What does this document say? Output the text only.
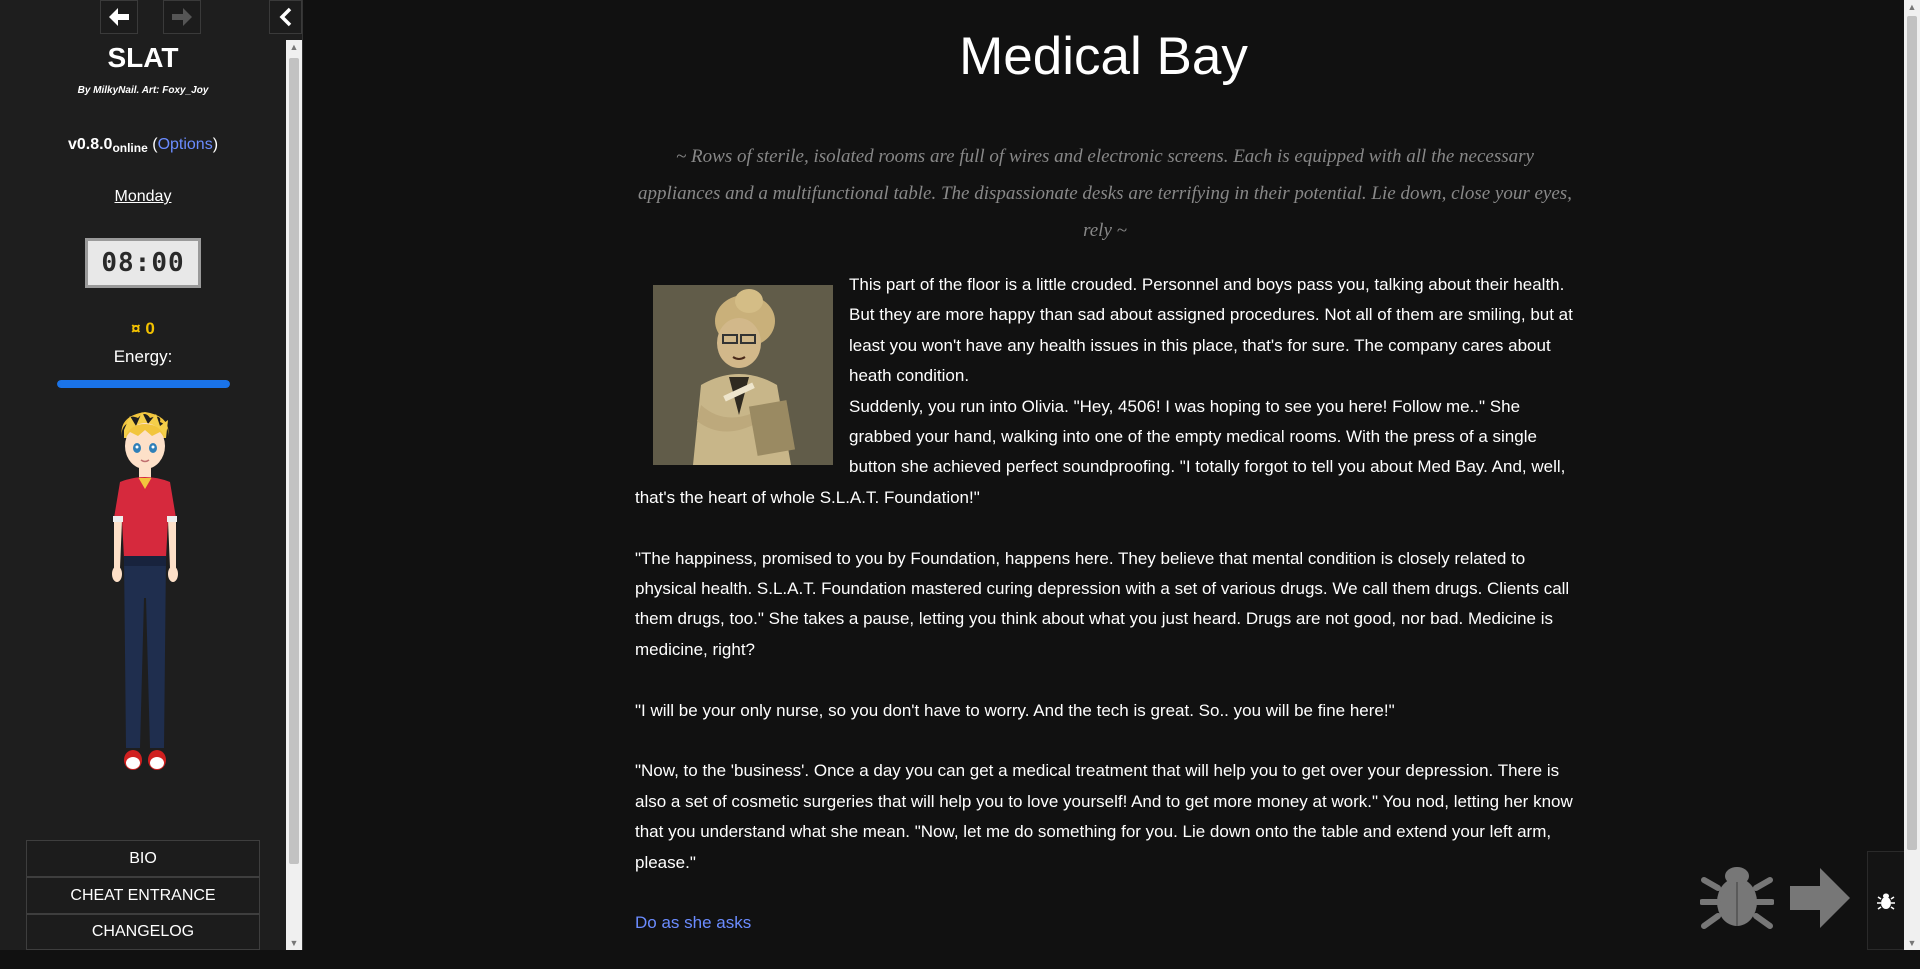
SLAT
By MilkyNail. Art: Foxy_Joy
$v0.8.0_{online}$ (Options)
Monday
08:00
¤ 0
Energy:
BIO
CHEAT ENTRANCE
CHANGELOG
▲
▼
Medical Bay
~ Rows of sterile, isolated rooms are full of wires and electronic screens. Each is equipped with all the necessary appliances and a multifunctional table. The dispassionate desks are terrifying in their potential. Lie down, close your eyes, rely ~

This part of the floor is a little crouded. Personnel and boys pass you, talking about their health. But they are more happy than sad about assigned procedures. Not all of them are smiling, but at least you won't have any health issues in this place, that's for sure. The company cares about heath condition.
Suddenly, you run into Olivia. "Hey, 4506! I was hoping to see you here! Follow me.." She grabbed your hand, walking into one of the empty medical rooms. With the press of a single button she achieved perfect soundproofing. "I totally forgot to tell you about Med Bay. And, well, that's the heart of whole S.L.A.T. Foundation!"

"The happiness, promised to you by Foundation, happens here. They believe that mental condition is closely related to physical health. S.L.A.T. Foundation mastered curing depression with a set of various drugs. We call them drugs. Clients call them drugs, too." She takes a pause, letting you think about what you just heard. Drugs are not good, nor bad. Medicine is medicine, right?

"I will be your only nurse, so you don't have to worry. And the tech is great. So.. you will be fine here!"

"Now, to the 'business'. Once a day you can get a medical treatment that will help you to get over your depression. There is also a set of cosmetic surgeries that will help you to love yourself! And to get more money at work." You nod, letting her know that you understand what she mean. "Now, let me do something for you. Lie down onto the table and extend your left arm, please."

Do as she asks

▲
▼
